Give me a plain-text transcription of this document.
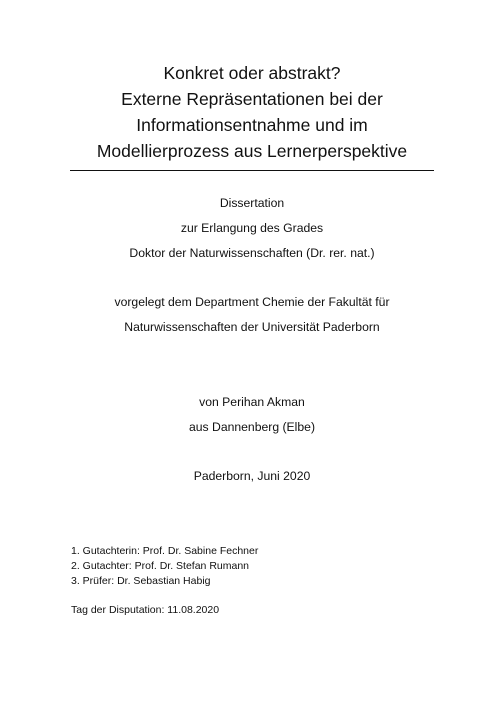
Konkret oder abstrakt?
Externe Repräsentationen bei der
Informationsentnahme und im
Modellierprozess aus Lernerperspektive
Dissertation
zur Erlangung des Grades
Doktor der Naturwissenschaften (Dr. rer. nat.)
vorgelegt dem Department Chemie der Fakultät für
Naturwissenschaften der Universität Paderborn
von Perihan Akman
aus Dannenberg (Elbe)
Paderborn, Juni 2020
1. Gutachterin: Prof. Dr. Sabine Fechner
2. Gutachter: Prof. Dr. Stefan Rumann
3. Prüfer: Dr. Sebastian Habig
Tag der Disputation: 11.08.2020
